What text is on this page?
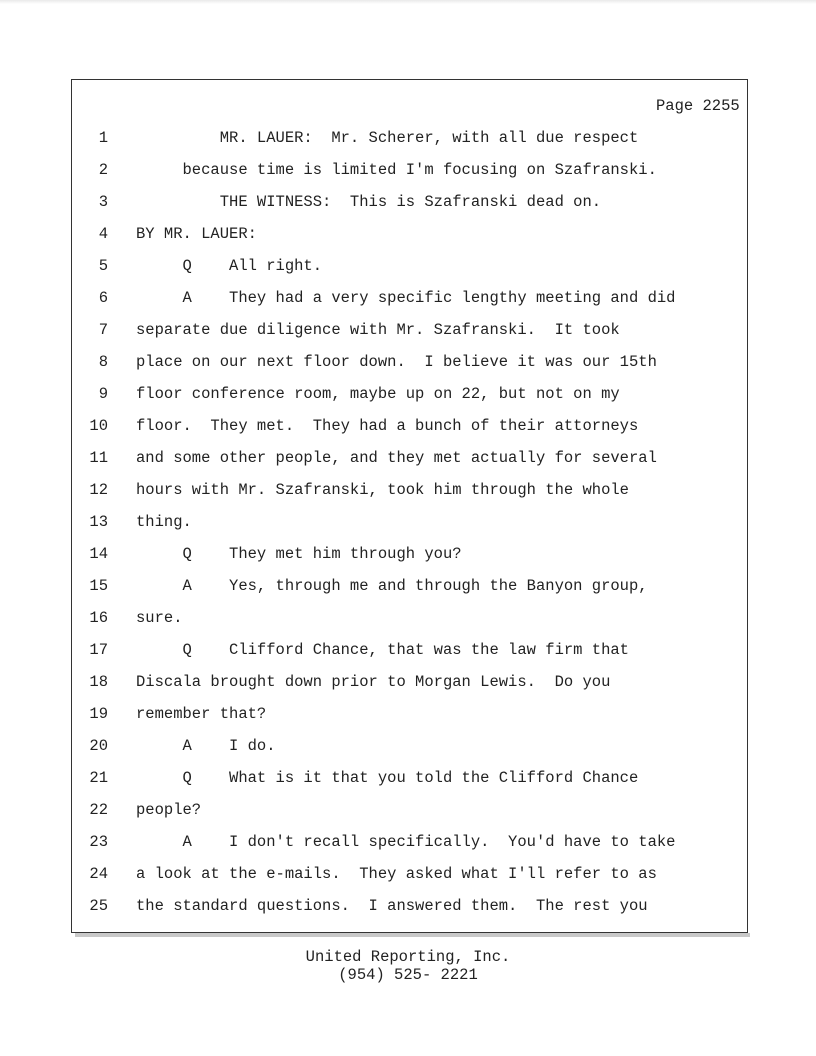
Page 2255
1 MR. LAUER:  Mr. Scherer, with all due respect
2 because time is limited I'm focusing on Szafranski.
3 THE WITNESS:  This is Szafranski dead on.
4 BY MR. LAUER:
5 Q    All right.
6 A    They had a very specific lengthy meeting and did
7 separate due diligence with Mr. Szafranski.  It took
8 place on our next floor down.  I believe it was our 15th
9 floor conference room, maybe up on 22, but not on my
10 floor.  They met.  They had a bunch of their attorneys
11 and some other people, and they met actually for several
12 hours with Mr. Szafranski, took him through the whole
13 thing.
14 Q    They met him through you?
15 A    Yes, through me and through the Banyon group,
16 sure.
17 Q    Clifford Chance, that was the law firm that
18 Discala brought down prior to Morgan Lewis.  Do you
19 remember that?
20 A    I do.
21 Q    What is it that you told the Clifford Chance
22 people?
23 A    I don't recall specifically.  You'd have to take
24 a look at the e-mails.  They asked what I'll refer to as
25 the standard questions.  I answered them.  The rest you
United Reporting, Inc.
(954) 525- 2221
